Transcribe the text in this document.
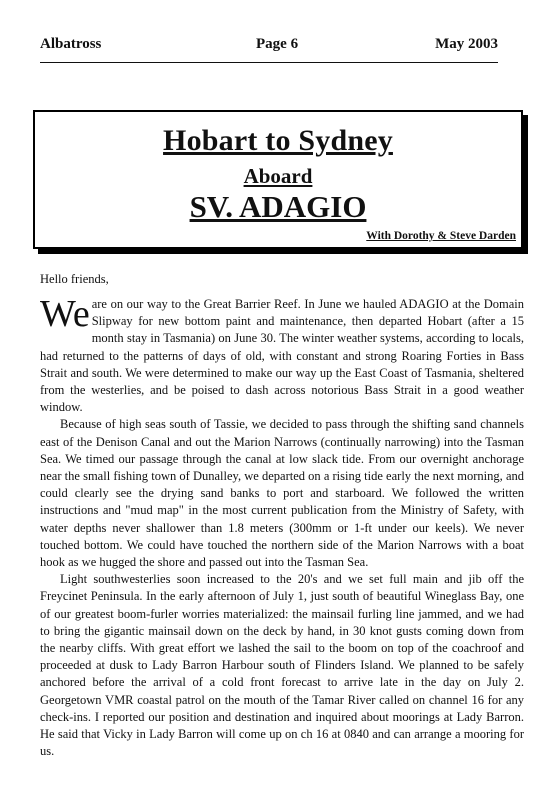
Albatross	Page 6	May 2003
Hobart to Sydney
Aboard
SV. ADAGIO
With Dorothy & Steve Darden
Hello friends,

We are on our way to the Great Barrier Reef. In June we hauled ADAGIO at the Domain Slipway for new bottom paint and maintenance, then departed Hobart (after a 15 month stay in Tasmania) on June 30. The winter weather systems, according to locals, had returned to the patterns of days of old, with constant and strong Roaring Forties in Bass Strait and south. We were determined to make our way up the East Coast of Tasmania, sheltered from the westerlies, and be poised to dash across notorious Bass Strait in a good weather window.

Because of high seas south of Tassie, we decided to pass through the shifting sand channels east of the Denison Canal and out the Marion Narrows (continually narrowing) into the Tasman Sea. We timed our passage through the canal at low slack tide. From our overnight anchorage near the small fishing town of Dunalley, we departed on a rising tide early the next morning, and could clearly see the drying sand banks to port and starboard. We followed the written instructions and "mud map" in the most current publication from the Ministry of Safety, with water depths never shallower than 1.8 meters (300mm or 1-ft under our keels). We never touched bottom. We could have touched the northern side of the Marion Narrows with a boat hook as we hugged the shore and passed out into the Tasman Sea.

Light southwesterlies soon increased to the 20's and we set full main and jib off the Freycinet Peninsula. In the early afternoon of July 1, just south of beautiful Wineglass Bay, one of our greatest boom-furler worries materialized: the mainsail furling line jammed, and we had to bring the gigantic mainsail down on the deck by hand, in 30 knot gusts coming down from the nearby cliffs. With great effort we lashed the sail to the boom on top of the coachroof and proceeded at dusk to Lady Barron Harbour south of Flinders Island. We planned to be safely anchored before the arrival of a cold front forecast to arrive late in the day on July 2. Georgetown VMR coastal patrol on the mouth of the Tamar River called on channel 16 for any check-ins. I reported our position and destination and inquired about moorings at Lady Barron. He said that Vicky in Lady Barron will come up on ch 16 at 0840 and can arrange a mooring for us.
